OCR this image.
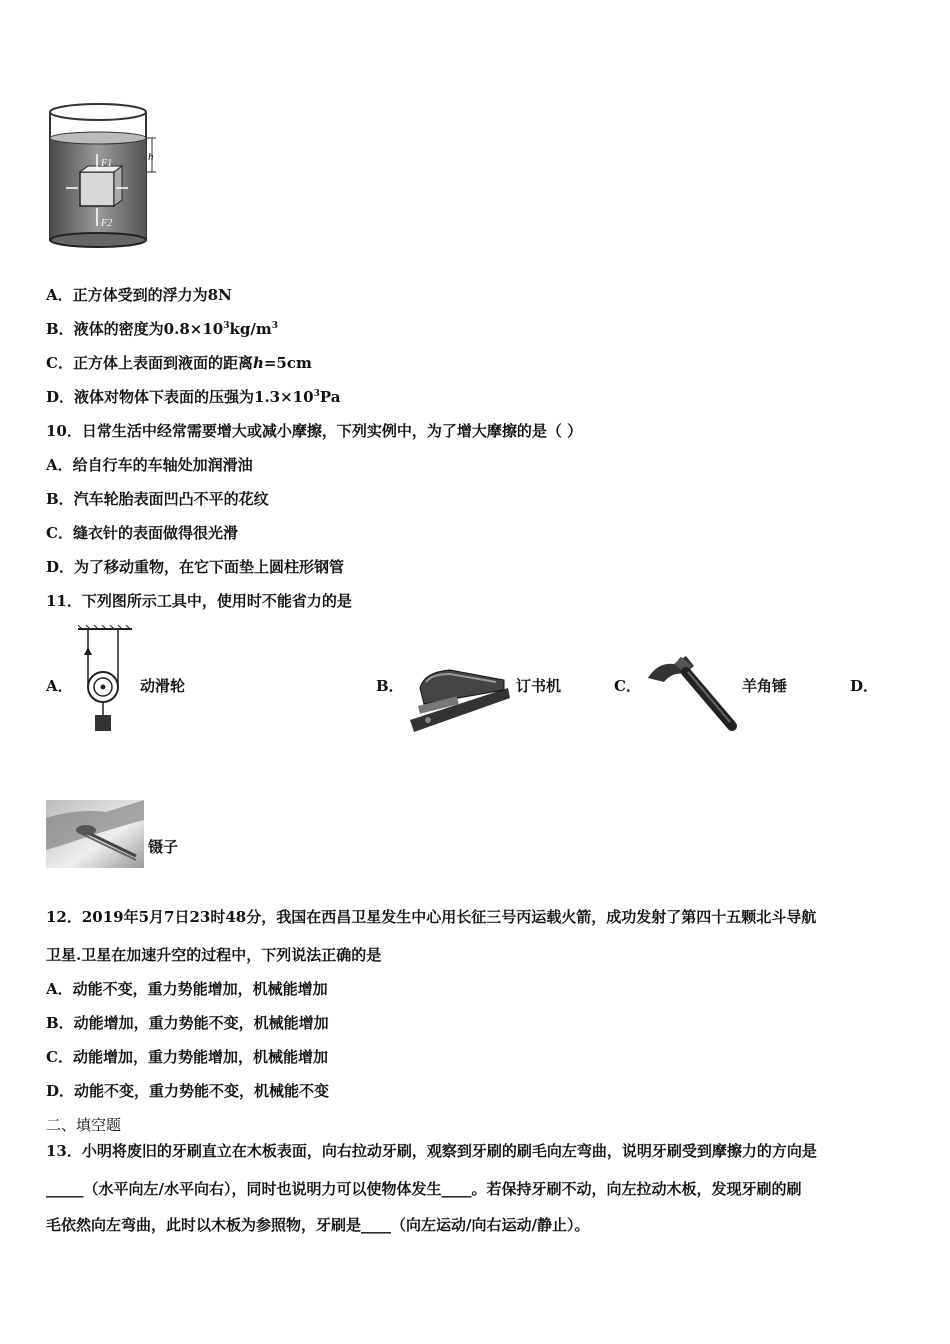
h
F1
F2
A．正方体受到的浮力为8N
B．液体的密度为$0.8\times 10^3kg/m^3$
C．正方体上表面到液面的距离h=5cm
D．液体对物体下表面的压强为$1.3\times 10^3Pa$
10．日常生活中经常需要增大或减小摩擦，下列实例中，为了增大摩擦的是（ ）
A．给自行车的车轴处加润滑油
B．汽车轮胎表面凹凸不平的花纹
C．缝衣针的表面做得很光滑
D．为了移动重物，在它下面垫上圆柱形钢管
11．下列图所示工具中，使用时不能省力的是
A．	动滑轮	B．	订书机	C．	羊角锤	D．
镊子
12．2019年5月7日23时48分，我国在西昌卫星发生中心用长征三号丙运载火箭，成功发射了第四十五颗北斗导航
卫星.卫星在加速升空的过程中，下列说法正确的是
A．动能不变，重力势能增加，机械能增加
B．动能增加，重力势能不变，机械能增加
C．动能增加，重力势能增加，机械能增加
D．动能不变，重力势能不变，机械能不变
二、填空题
13．小明将废旧的牙刷直立在木板表面，向右拉动牙刷，观察到牙刷的刷毛向左弯曲，说明牙刷受到摩擦力的方向是
_____（水平向左/水平向右），同时也说明力可以使物体发生____。若保持牙刷不动，向左拉动木板，发现牙刷的刷
毛依然向左弯曲，此时以木板为参照物，牙刷是____（向左运动/向右运动/静止）。
